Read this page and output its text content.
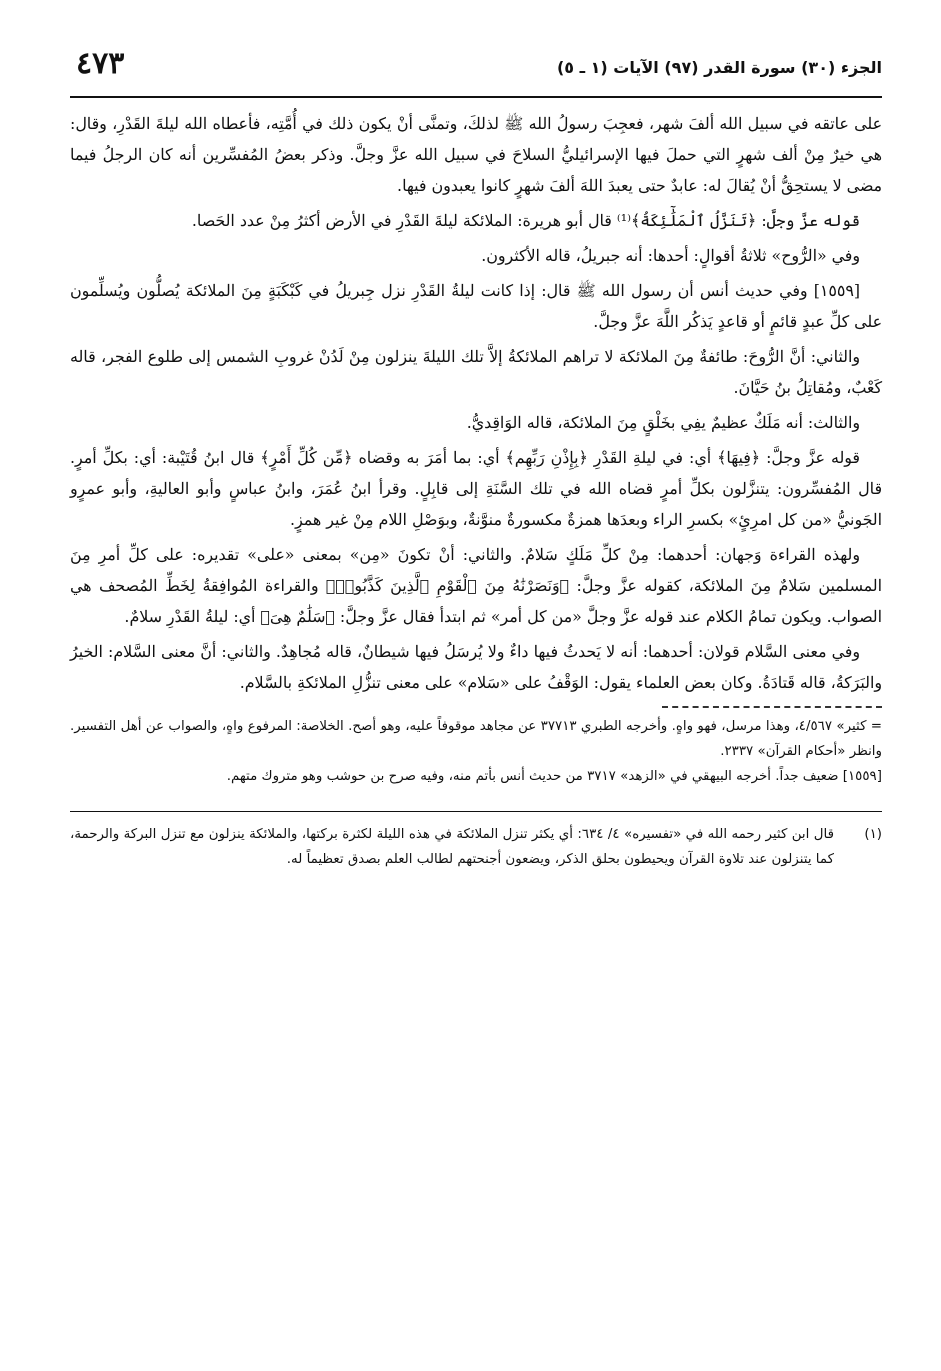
٤٧٣	الجزء (٣٠) سورة القدر (٩٧) الآيات (١ ـ ٥)

على عاتقه في سبيل الله ألفَ شهر، فعجِبَ رسولُ الله ﷺ لذلكَ، وتمنَّى أنْ يكون ذلك في أُمَّتِه، فأعطاه الله ليلةَ القَدْرِ، وقال: هي خيرٌ مِنْ ألف شهرٍ التي حملَ فيها الإسرائيليُّ السلاحَ في سبيل الله عزَّ وجلَّ. وذكر بعضُ المُفسِّرين أنه كان الرجلُ فيما مضى لا يستحِقُّ أنْ يُقالَ له: عابدٌ حتى يعبدَ اللهَ ألفَ شهرٍ كانوا يعبدون فيها.

قوله عزَّ وجلَّ: ﴿تَنَزَّلُ ٱلْمَلَٰٓئِكَةُ﴾⁽¹⁾ قال أبو هريرة: الملائكة ليلةَ القَدْرِ في الأرض أكثرُ مِنْ عدد الحَصا.

وفي «الرُّوح» ثلاثةُ أقوالٍ: أحدها: أنه جبريلُ، قاله الأكثرون.

[١٥٥٩] وفي حديث أنس أن رسول الله ﷺ قال: إذا كانت ليلةُ القَدْرِ نزل جِبريلُ في كَبْكَبَةٍ مِنَ الملائكة يُصلُّون ويُسلِّمون على كلِّ عبدٍ قائمٍ أو قاعدٍ يَذكُر اللَّهَ عزَّ وجلَّ.

والثاني: أنَّ الرُّوحَ: طائفةٌ مِنَ الملائكة لا تراهم الملائكةُ إلاَّ تلك الليلةَ ينزلون مِنْ لَدُنْ غروبِ الشمس إلى طلوع الفجر، قاله كَعْبٌ، ومُقاتِلُ بنُ حَيَّانَ.

والثالث: أنه مَلَكٌ عظيمٌ يفِي بخَلْقٍ مِنَ الملائكة، قاله الوَاقِديُّ.

قوله عزَّ وجلَّ: ﴿فِيهَا﴾ أي: في ليلةِ القَدْرِ ﴿بِإِذْنِ رَبِّهِم﴾ أي: بما أمَرَ به وقضاه ﴿مِّن كُلِّ أَمْرٍ﴾ قال ابنُ قُتَيْبة: أي: بكلِّ أمرٍ. قال المُفسِّرون: يتنزَّلون بكلِّ أمرٍ قضاه الله في تلك السَّنَةِ إلى قابِلٍ. وقرأ ابنُ عُمَرَ، وابنُ عباسٍ وأبو العاليةِ، وأبو عمرٍو الجَونيُّ «من كل امرِئٍ» بكسرِ الراء وبعدَها همزةٌ مكسورةٌ منوَّنةٌ، وبوَصْلِ اللام مِنْ غير همزٍ.

ولهذه القراءة وَجهان: أحدهما: مِنْ كلِّ مَلَكٍ سَلامٌ. والثاني: أنْ تكونَ «مِن» بمعنى «على» تقديره: على كلِّ أمرِ مِنَ المسلمين سَلامٌ مِنَ الملائكة، كقوله عزَّ وجلَّ: ﴿وَنَصَرْنَٰهُ مِنَ ٱلْقَوْمِ ٱلَّذِينَ كَذَّبُوا۟﴾ والقراءة المُوافِقةُ لِخَطِّ المُصحف هي الصواب. ويكون تمامُ الكلام عند قوله عزَّ وجلَّ «من كل أمر» ثم ابتدأ فقال عزَّ وجلَّ: ﴿سَلَٰمٌ هِىَ﴾ أي: ليلةُ القَدْرِ سلامٌ.

وفي معنى السَّلام قولان: أحدهما: أنه لا يَحدثُ فيها داءٌ ولا يُرسَلُ فيها شيطانٌ، قاله مُجاهِدٌ. والثاني: أنَّ معنى السَّلام: الخيرُ والبَرَكةُ، قاله قَتادَةُ. وكان بعض العلماء يقول: الوَقْفُ على «سَلام» على معنى تنزُّلِ الملائكةِ بالسَّلام.

= كثير» ٤/٥٦٧، وهذا مرسل، فهو واهٍ. وأخرجه الطبري ٣٧٧١٣ عن مجاهد موقوفاً عليه، وهو أصح. الخلاصة: المرفوع واهٍ، والصواب عن أهل التفسير. وانظر «أحكام القرآن» ٢٣٣٧.

[١٥٥٩] ضعيف جداً. أخرجه البيهقي في «الزهد» ٣٧١٧ من حديث أنس بأتم منه، وفيه صرح بن حوشب وهو متروك متهم.

(١)
قال ابن كثير رحمه الله في «تفسيره» ٤/ ٦٣٤: أي يكثر تنزل الملائكة في هذه الليلة لكثرة بركتها، والملائكة ينزلون مع تنزل البركة والرحمة، كما يتنزلون عند تلاوة القرآن ويحيطون بحلق الذكر، ويضعون أجنحتهم لطالب العلم بصدق تعظيماً له.
